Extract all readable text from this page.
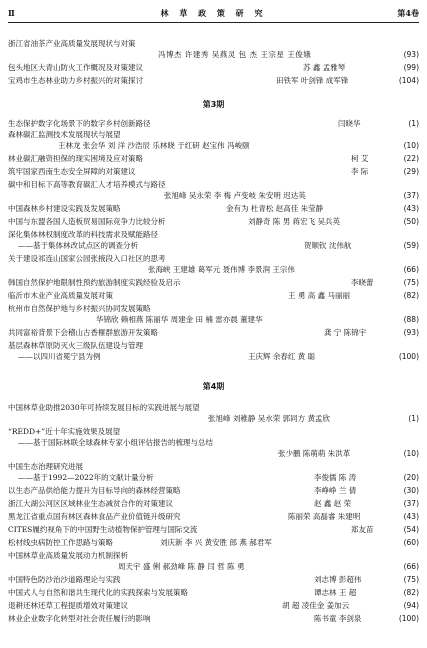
Ⅱ	林 草 政 策 研 究	第4卷
浙江省油茶产业高质量发展现状与对策
冯博杰 许建秀 吴燕灵 包 杰 王宗星 王俊娥	(93)
包头地区大青山防火工作概况及对策建议	苏 鑫 孟雅琴	(99)
宝鸡市生态林业助力乡村振兴的对策探讨	田铁军 叶剑锋 成军锋	(104)
第3期
生态保护数字化场景下的数字乡村创新路径	闫晓华	(1)
森林碳汇监测技术发展现状与展望
王林龙 张会华 刘 洋 沙浩辰 乐林晓 于红研 赵宝伟 冯峻颐	(10)
林业碳汇融资担保的现实困境及应对策略	柯 艾	(22)
筑牢国家西南生态安全屏障的对策建议	李 际	(29)
碳中和目标下高等教育碳汇人才培养模式与路径
张旭峰 吴永荣 李 梅 卢变岐 朱安明 迟达英	(37)
中国森林乡村建设实践及发展策略	金有为 杜青松 赵高佳 朱莹静	(43)
中国与东盟各国人造板贸易国际竞争力比较分析	刘静奇 陈 男 蒋宏飞 吴兵英	(50)
深化集体林权制度改革的科技需求及赋能路径
——基于集体林改试点区的调查分析	贺顺钦 沈伟航	(59)
关于建设祁连山国家公园张掖段入口社区的思考
张海峡 王建雄 葛军元 聂伟博 李景润 王宗伟	(66)
韩国自然保护地限制性预约旅游制度实践经验及启示	李晓蕾	(75)
临沂市木业产业高质量发展对策	王 勇 高 鑫 马丽丽	(82)
杭州市自然保护地与乡村振兴协同发展策略
华锦欣 赖相燕 陈丽华 周建金 田 楠 雷亦晨 董建华	(88)
共同富裕背景下会稽山古香榧群旅游开发策略	龚 宁 陈锦宇	(93)
基层森林草原防灭火三级队伍建设与管理
——以四川省冕宁县为例	王庆辉 余春红 黄 聪	(100)
第4期
中国林草业助推2030年可持续发展目标的实践进展与展望
张旭峰 刘稚静 吴水荣 郭同方 黄孟欣	(1)
“REDD+”近十年实施效果及展望
——基于国际林联全球森林专家小组评估报告的梳理与总结
张少鹏 陈萌萌 朱洪革	(10)
中国生态治理研究进展
——基于1992—2022年的文献计量分析	李俊儒 陈 涛	(20)
以生态产品供给能力提升为目标导向的森林经营策略	李峥峥 兰 倩	(30)
浙江大湖公河区区域林业生态减贫合作的对策建议	赵 鑫 赵 荣	(37)
黑龙江省重点国有林区森林食品产业价值链升级研究	陈丽荣 高磊睿 朱建明	(43)
CITES履约视角下的中国野生动植物保护管理与国际交流	郑友苗	(54)
松材线虫病防控工作思路与策略	刘庆新 李 兴 黄安胜 郎 燕 郝君军	(60)
中国林草业高质量发展动力机制探析
周天宇 盛 俐 郝劲峰 陈 静 闫 哲 陈 勇	(66)
中国特色防沙治沙道路理论与实践	刘志博 彭超伟	(75)
中国式人与自然和谐共生现代化的实践探索与发展策略	谭志林 王 超	(82)
退耕还林还草工程提质增效对策建议	胡 超 凌佳金 姜加云	(94)
林业企业数字化转型对社会责任履行的影响	陈书童 李剑泉	(100)
